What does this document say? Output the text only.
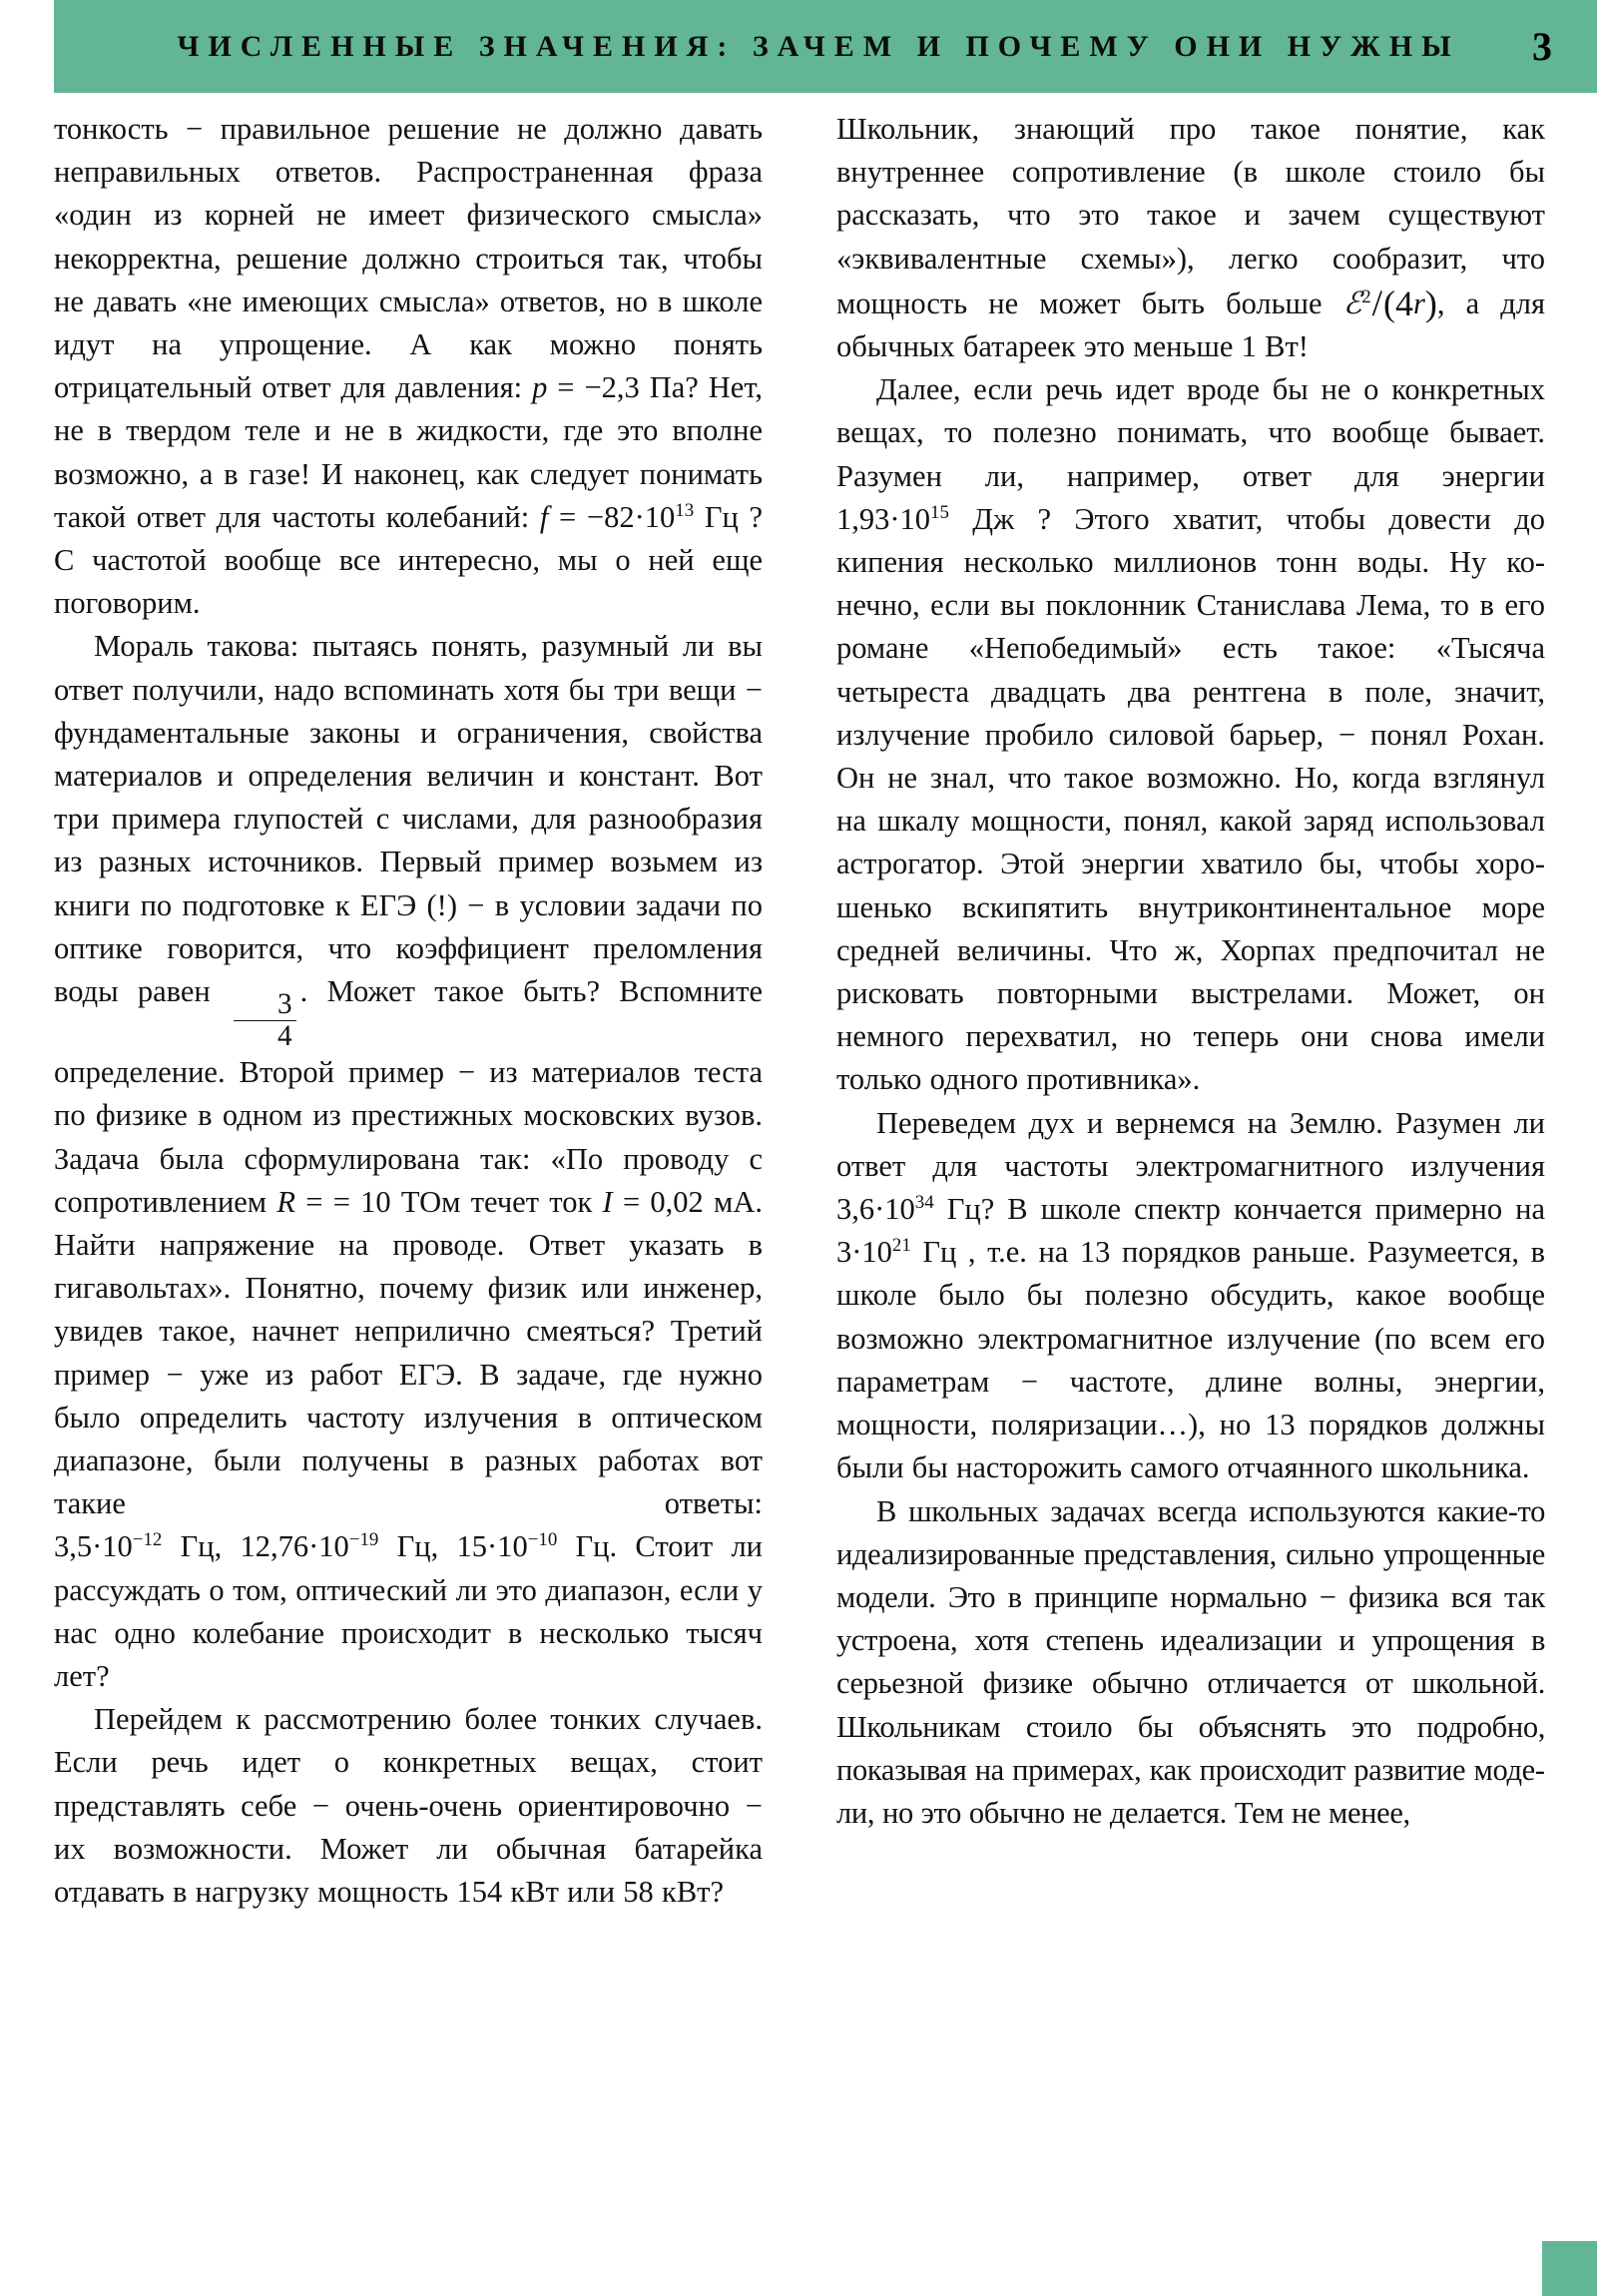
ЧИСЛЕННЫЕ ЗНАЧЕНИЯ: ЗАЧЕМ И ПОЧЕМУ ОНИ НУЖНЫ	3

тонкость − правильное решение не должно давать неправильных ответов. Распространенная фраза «один из корней не имеет физического смысла» некорректна, решение должно строиться так, чтобы не давать «не имеющих смысла» ответов, но в школе идут на упрощение. А как можно понять отрицательный ответ для давления: p = −2,3 Па? Нет, не в твердом теле и не в жидкости, где это вполне возможно, а в газе! И наконец, как следует понимать такой ответ для частоты колебаний: $f = -82\cdot 10^{13}$ Гц ? С частотой вообще все интересно, мы о ней еще поговорим.

Мораль такова: пытаясь понять, разумный ли вы ответ получили, надо вспоминать хотя бы три вещи − фундаментальные законы и ограничения, свойства материалов и определения величин и констант. Вот три примера глупостей с числами, для разнообразия из разных источников. Первый пример возьмем из книги по подготовке к ЕГЭ (!) − в условии задачи по оптике говорится, что коэффициент преломления воды равен $\frac{3}{4}$ . Может такое быть? Вспомните определение. Второй пример − из материалов теста по физике в одном из престижных московских вузов. Задача была сформулирована так: «По проводу с сопротивлением R = = 10 ТОм течет ток I = 0,02 мА. Найти напряжение на проводе. Ответ указать в гигавольтах». Понятно, почему физик или инженер, увидев такое, начнет неприлично смеяться? Третий пример − уже из работ ЕГЭ. В задаче, где нужно было определить частоту излучения в оптическом диапазоне, были получены в разных работах вот такие ответы: $3,5\cdot 10^{-12}$ Гц, $12,76\cdot 10^{-19}$ Гц, $15\cdot 10^{-10}$ Гц. Стоит ли рассуждать о том, оптический ли это диапазон, если у нас одно колебание происходит в несколько тысяч лет?

Перейдем к рассмотрению более тонких случаев. Если речь идет о конкретных вещах, стоит представлять себе − очень-очень ориентировочно − их возможности. Может ли обычная батарейка отдавать в нагрузку мощность 154 кВт или 58 кВт?

Школьник, знающий про такое понятие, как внутреннее сопротивление (в школе стоило бы рассказать, что это такое и зачем существуют «эквивалентные схемы»), легко сообразит, что мощность не может быть больше ℰ$^2$/(4r), а для обычных батареек это меньше 1 Вт!

Далее, если речь идет вроде бы не о конкретных вещах, то полезно понимать, что вообще бывает. Разумен ли, например, ответ для энергии $1,93\cdot 10^{15}$ Дж ? Этого хватит, чтобы довести до кипения несколько миллионов тонн воды. Ну конечно, если вы поклонник Станислава Лема, то в его романе «Непобедимый» есть такое: «Тысяча четыреста двадцать два рентгена в поле, значит, излучение пробило силовой барьер, − понял Рохан. Он не знал, что такое возможно. Но, когда взглянул на шкалу мощности, понял, какой заряд использовал астрогатор. Этой энергии хватило бы, чтобы хорошенько вскипятить внутриконтинентальное море средней величины. Что ж, Хорпах предпочитал не рисковать повторными выстрелами. Может, он немного перехватил, но теперь они снова имели только одного противника».

Переведем дух и вернемся на Землю. Разумен ли ответ для частоты электромагнитного излучения $3,6\cdot 10^{34}$ Гц? В школе спектр кончается примерно на $3\cdot 10^{21}$ Гц , т.е. на 13 порядков раньше. Разумеется, в школе было бы полезно обсудить, какое вообще возможно электромагнитное излучение (по всем его параметрам − частоте, длине волны, энергии, мощности, поляризации…), но 13 порядков должны были бы насторожить самого отчаянного школьника.

В школьных задачах всегда используются какие-то идеализированные представления, сильно упрощенные модели. Это в принципе нормально − физика вся так устроена, хотя степень идеализации и упрощения в серьезной физике обычно отличается от школьной. Школьникам стоило бы объяснять это подробно, показывая на примерах, как происходит развитие модели, но это обычно не делается. Тем не менее,
